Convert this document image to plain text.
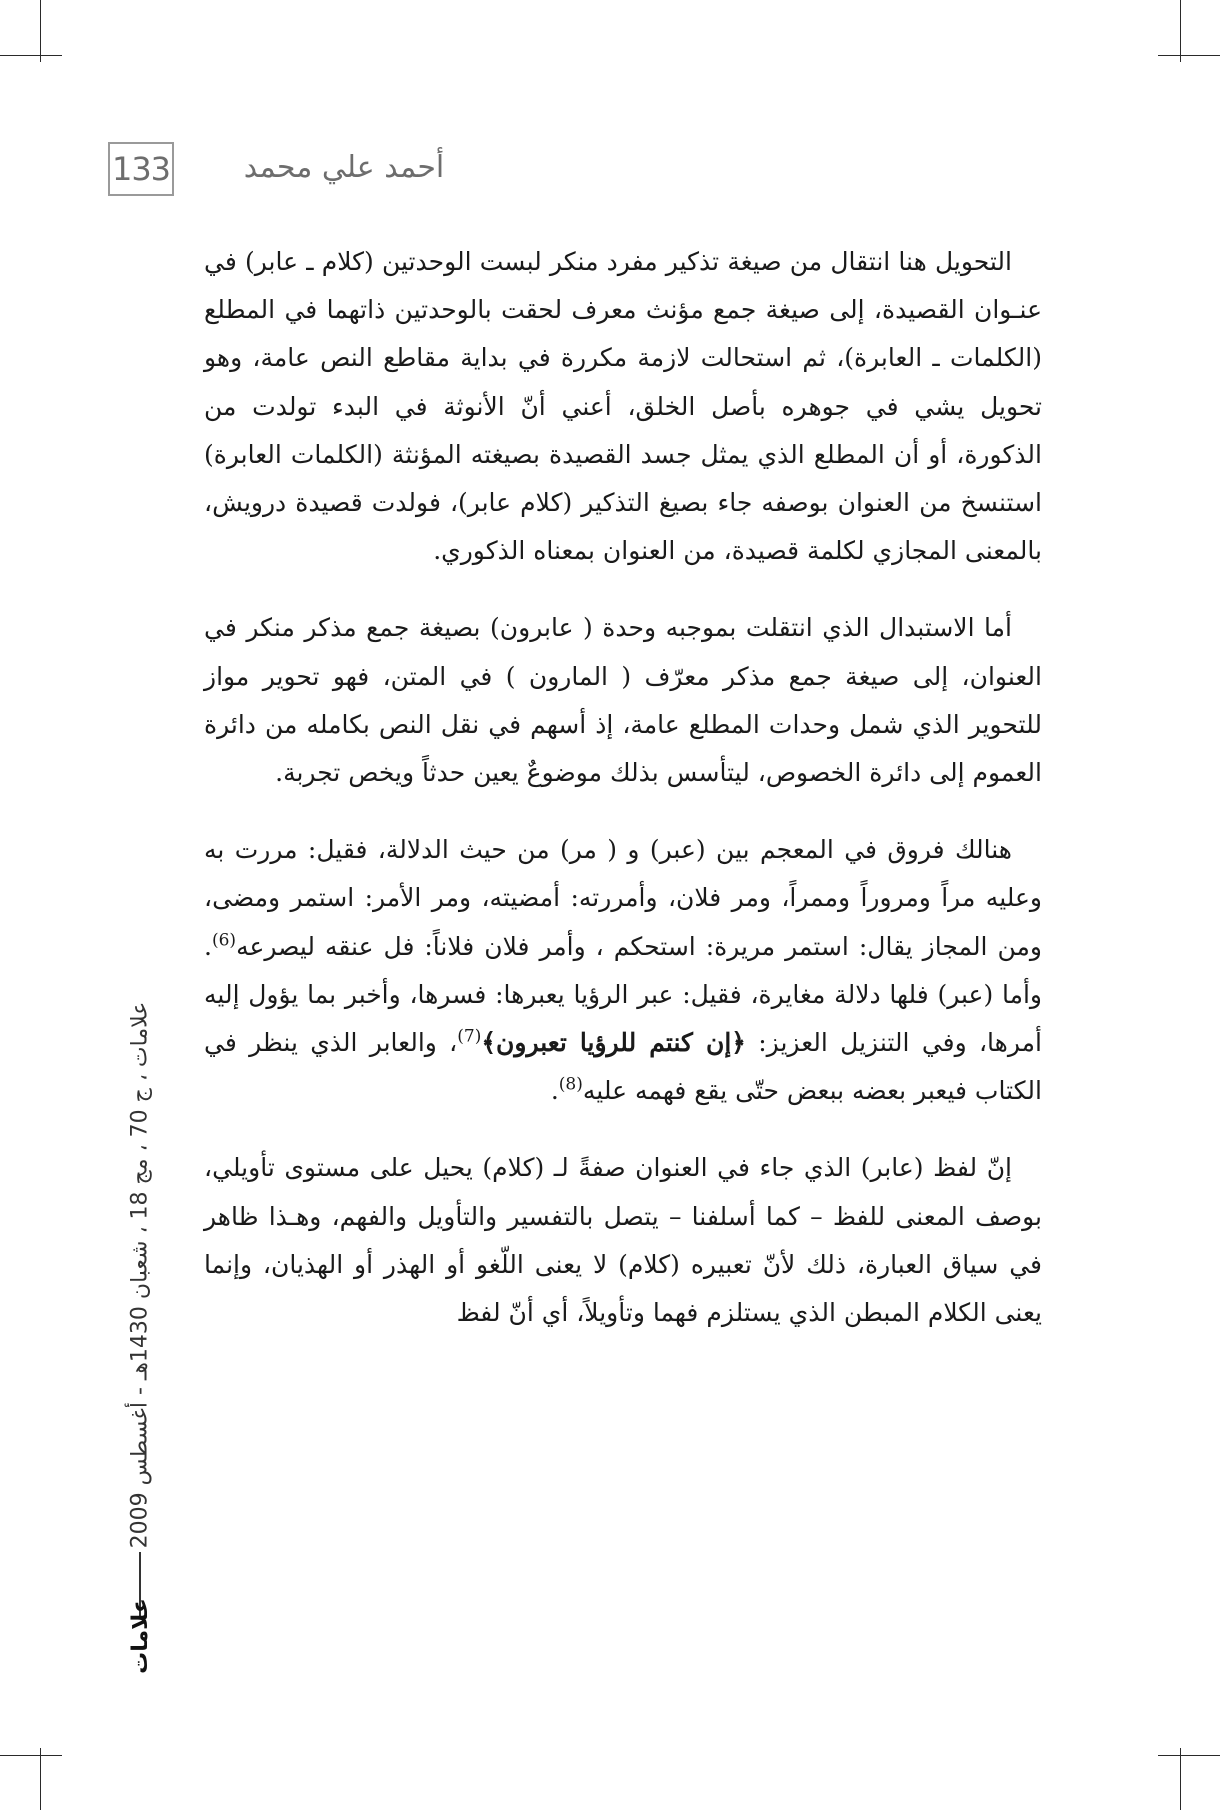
133	أحمد علي محمد
علامات ، ج 70 ، مج 18 ، شعبان 1430هـ - أغسطس 2009
علامات

التحويل هنا انتقال من صيغة تذكير مفرد منكر لبست الوحدتين (كلام ـ عابر) في عنـوان القصيدة، إلى صيغة جمع مؤنث معرف لحقت بالوحدتين ذاتهما في المطلع (الكلمات ـ العابرة)، ثم استحالت لازمة مكررة في بداية مقاطع النص عامة، وهو تحويل يشي في جوهره بأصل الخلق، أعني أنّ الأنوثة في البدء تولدت من الذكورة، أو أن المطلع الذي يمثل جسد القصيدة بصيغته المؤنثة (الكلمات العابرة) استنسخ من العنوان بوصفه جاء بصيغ التذكير (كلام عابر)، فولدت قصيدة درويش، بالمعنى المجازي لكلمة قصيدة، من العنوان بمعناه الذكوري.

أما الاستبدال الذي انتقلت بموجبه وحدة ( عابرون) بصيغة جمع مذكر منكر في العنوان، إلى صيغة جمع مذكر معرّف ( المارون ) في المتن، فهو تحوير مواز للتحوير الذي شمل وحدات المطلع عامة، إذ أسهم في نقل النص بكامله من دائرة العموم إلى دائرة الخصوص، ليتأسس بذلك موضوعٌ يعين حدثاً ويخص تجربة.

هنالك فروق في المعجم بين (عبر) و ( مر) من حيث الدلالة، فقيل: مررت به وعليه مراً ومروراً وممراً، ومر فلان، وأمررته: أمضيته، ومر الأمر: استمر ومضى، ومن المجاز يقال: استمر مريرة: استحكم ، وأمر فلان فلاناً: فل عنقه ليصرعه$^{(6)}$. وأما (عبر) فلها دلالة مغايرة، فقيل: عبر الرؤيا يعبرها: فسرها، وأخبر بما يؤول إليه أمرها، وفي التنزيل العزيز: ﴿إن كنتم للرؤيا تعبرون﴾$^{(7)}$، والعابر الذي ينظر في الكتاب فيعبر بعضه ببعض حتّى يقع فهمه عليه$^{(8)}$.

إنّ لفظ (عابر) الذي جاء في العنوان صفةً لـ (كلام) يحيل على مستوى تأويلي، بوصف المعنى للفظ – كما أسلفنا – يتصل بالتفسير والتأويل والفهم، وهـذا ظاهر في سياق العبارة، ذلك لأنّ تعبيره (كلام) لا يعنى اللّغو أو الهذر أو الهذيان، وإنما يعنى الكلام المبطن الذي يستلزم فهما وتأويلاً، أي أنّ لفظ
